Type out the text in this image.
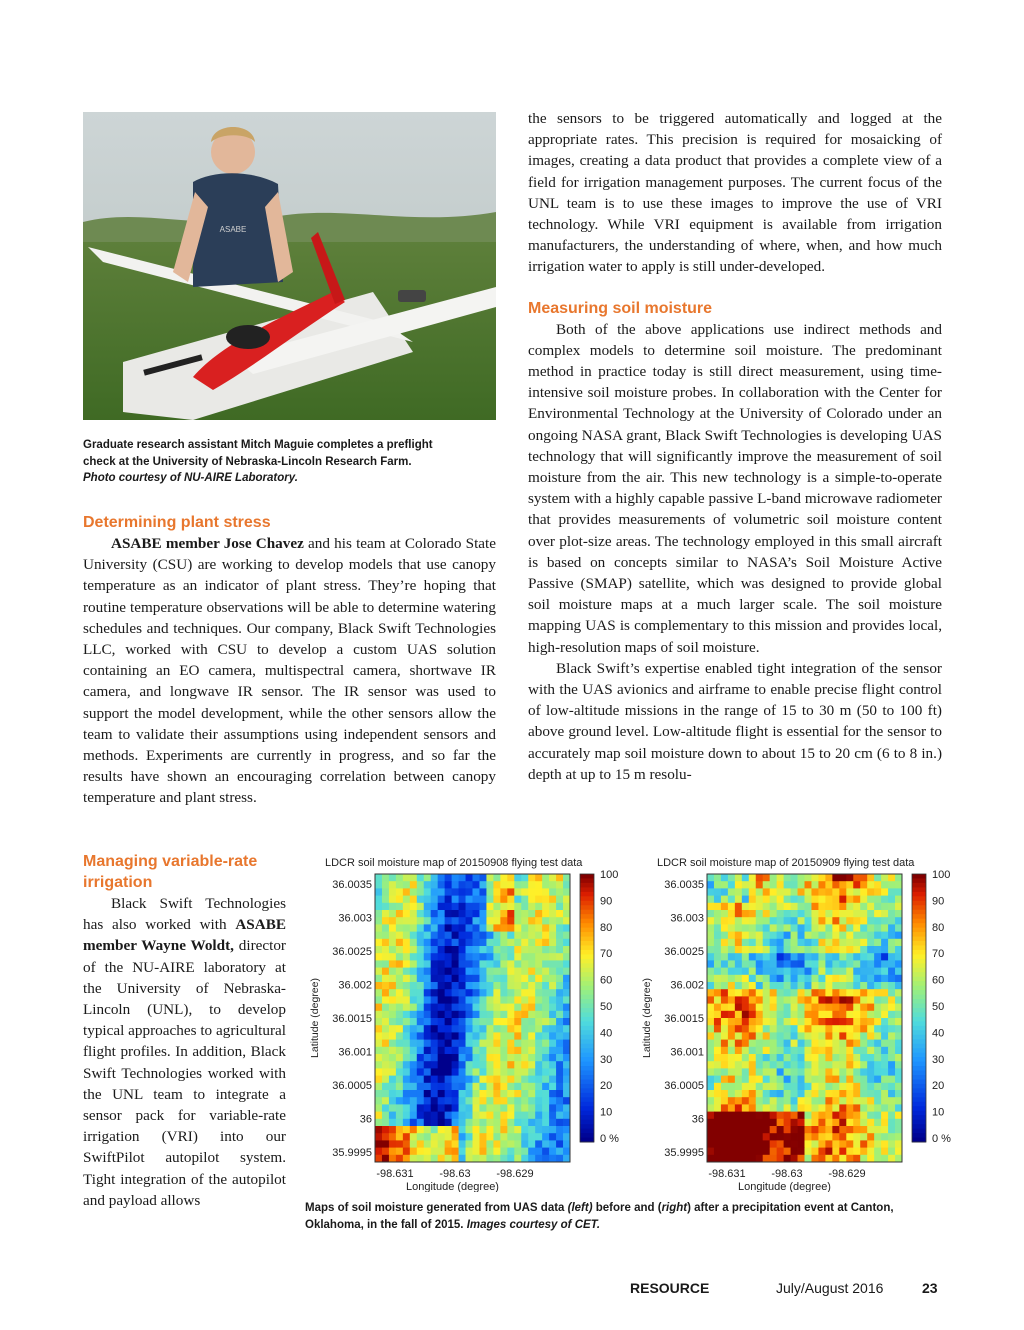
ASABE
Graduate research assistant Mitch Maguie completes a preflight
check at the University of Nebraska-Lincoln Research Farm.
Photo courtesy of NU-AIRE Laboratory.

Determining plant stress

ASABE member Jose Chavez and his team at Colorado State University (CSU) are working to develop models that use canopy temperature as an indicator of plant stress. They’re hoping that routine temperature observations will be able to determine watering schedules and techniques. Our company, Black Swift Technologies LLC, worked with CSU to develop a custom UAS solution containing an EO camera, multispectral camera, shortwave IR camera, and longwave IR sensor. The IR sensor was used to support the model development, while the other sensors allow the team to validate their assumptions using independent sensors and methods. Experiments are currently in progress, and so far the results have shown an encouraging correlation between canopy temperature and plant stress.

Managing variable-rate

irrigation

Black Swift Technologies has also worked with ASABE member Wayne Woldt, director of the NU-AIRE laboratory at the University of Nebraska-Lincoln (UNL), to develop typical approaches to agricultural flight profiles. In addition, Black Swift Technologies worked with the UNL team to integrate a sensor pack for variable-rate irrigation (VRI) into our SwiftPilot autopilot system. Tight integration of the autopilot and payload allows

the sensors to be triggered automatically and logged at the appropriate rates. This precision is required for mosaicking of images, creating a data product that provides a complete view of a field for irrigation management purposes. The current focus of the UNL team is to use these images to improve the use of VRI technology. While VRI equipment is available from irrigation manufacturers, the understanding of where, when, and how much irrigation water to apply is still under-developed.

Measuring soil moisture

Both of the above applications use indirect methods and complex models to determine soil moisture. The predominant method in practice today is still direct measurement, using time-intensive soil moisture probes. In collaboration with the Center for Environmental Technology at the University of Colorado under an ongoing NASA grant, Black Swift Technologies is developing UAS technology that will significantly improve the measurement of soil moisture from the air. This new technology is a simple-to-operate system with a highly capable passive L-band microwave radiometer that provides measurements of volumetric soil moisture content over plot-size areas. The technology employed in this small aircraft is based on concepts similar to NASA’s Soil Moisture Active Passive (SMAP) satellite, which was designed to provide global soil moisture maps at a much larger scale. The soil moisture mapping UAS is complementary to this mission and provides local, high-resolution maps of soil moisture.

Black Swift’s expertise enabled tight integration of the sensor with the UAS avionics and airframe to enable precise flight control of low-altitude missions in the range of 15 to 30 m (50 to 100 ft) above ground level. Low-altitude flight is essential for the sensor to accurately map soil moisture down to about 15 to 20 cm (6 to 8 in.) depth at up to 15 m resolu-

LDCR soil moisture map of 20150908 flying test data
Latitude (degree)
36.0035
36.003
36.0025
36.002
36.0015
36.001
36.0005
36
35.9995
-98.631 -98.63 -98.629
Longitude (degree)
100
90
80
70
60
50
40
30
20
10
0 %
LDCR soil moisture map of 20150909 flying test data
Latitude (degree)
36.0035
36.003
36.0025
36.002
36.0015
36.001
36.0005
36
35.9995
-98.631 -98.63 -98.629
Longitude (degree)
100
90
80
70
60
50
40
30
20
10
0 %
Maps of soil moisture generated from UAS data (left) before and (right) after a precipitation event at Canton, Oklahoma, in the fall of 2015. Images courtesy of CET.
RESOURCE	July/August 2016	23
